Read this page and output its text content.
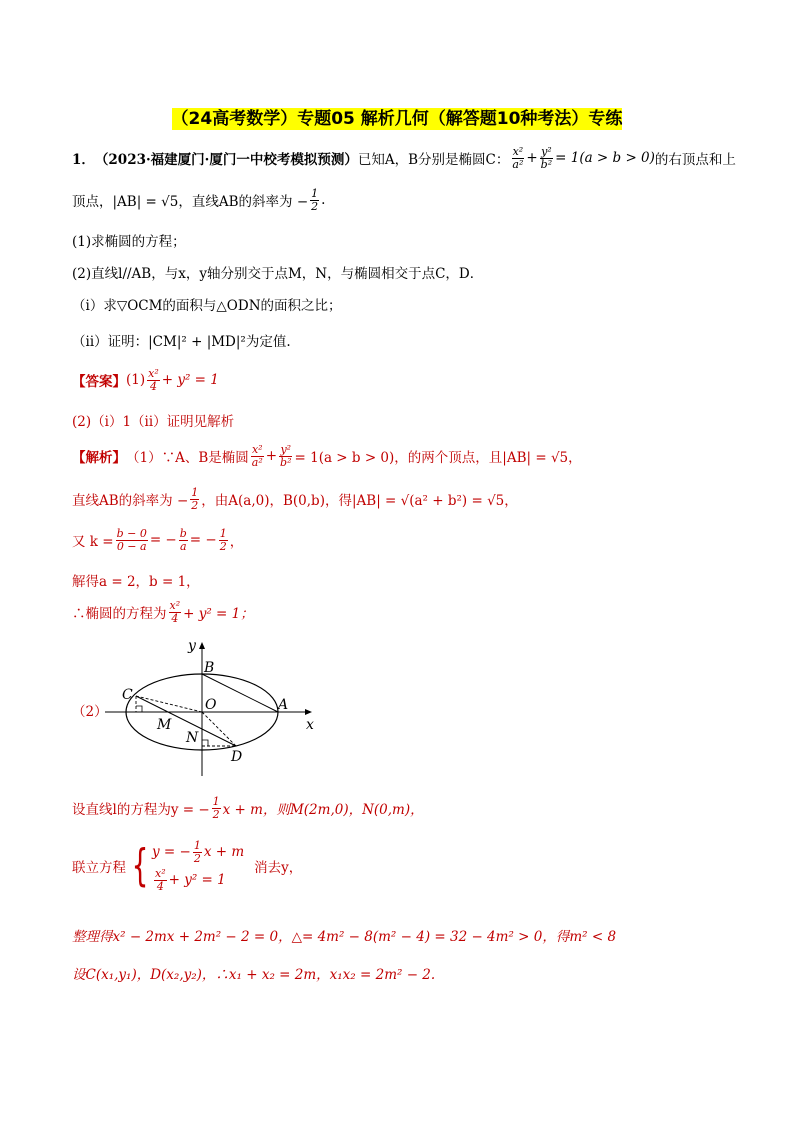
（24高考数学）专题05 解析几何（解答题10种考法）专练
1． （2023·福建厦门·厦门一中校考模拟预测） 已知A，B分别是椭圆C： $\frac{\text{x²}}{\text{a²}} + \frac{\text{y²}}{\text{b²}} = 1(a > b > 0)$ 的右顶点和上
顶点，|AB| = √5，直线AB的斜率为 − $\frac{1}{2}$ .
(1)求椭圆的方程；
(2)直线l//AB，与x，y轴分别交于点M，N，与椭圆相交于点C，D．
（i）求▽OCM的面积与△ODN的面积之比；
（ⅱ）证明：|CM|² + |MD|²为定值.
【答案】 $(1) \frac{\text{x²}}{4} + y^2 = 1$
(2)（i）1（ⅱ）证明见解析
【解析】 （1）∵A、B是椭圆 $\frac{\text{x²}}{\text{a²}} + \frac{\text{y²}}{\text{b²}} = 1(a > b > 0)$，的两个顶点，且|AB| = √5，
直线AB的斜率为 − $\frac{1}{2}$ ，由A(a,0)，B(0,b)，得|AB| = √(a² + b²) = √5，
又 $k = \frac{b - 0}{0 - a}$ = − $\frac{b}{a}$ = − $\frac{1}{2}$ ，
解得a = 2，b = 1，
∴椭圆的方程为 $\frac{\text{x²}}{4} + y^2 = 1$；
（2）
y
x
B
A
C
O
M
N
D
设直线l的方程为y = − $\frac{1}{2}$ x + m，则M(2m,0)，N(0,m)，
联立方程 { y = − $\frac{1}{2}$ x + m
$\frac{\text{x²}}{4} + y^2 = 1$
消去y，
整理得x² − 2mx + 2m² − 2 = 0，△= 4m² − 8(m² − 4) = 32 − 4m² > 0，得m² < 8
设C(x₁,y₁)，D(x₂,y₂)，∴x₁ + x₂ = 2m，x₁x₂ = 2m² − 2.
